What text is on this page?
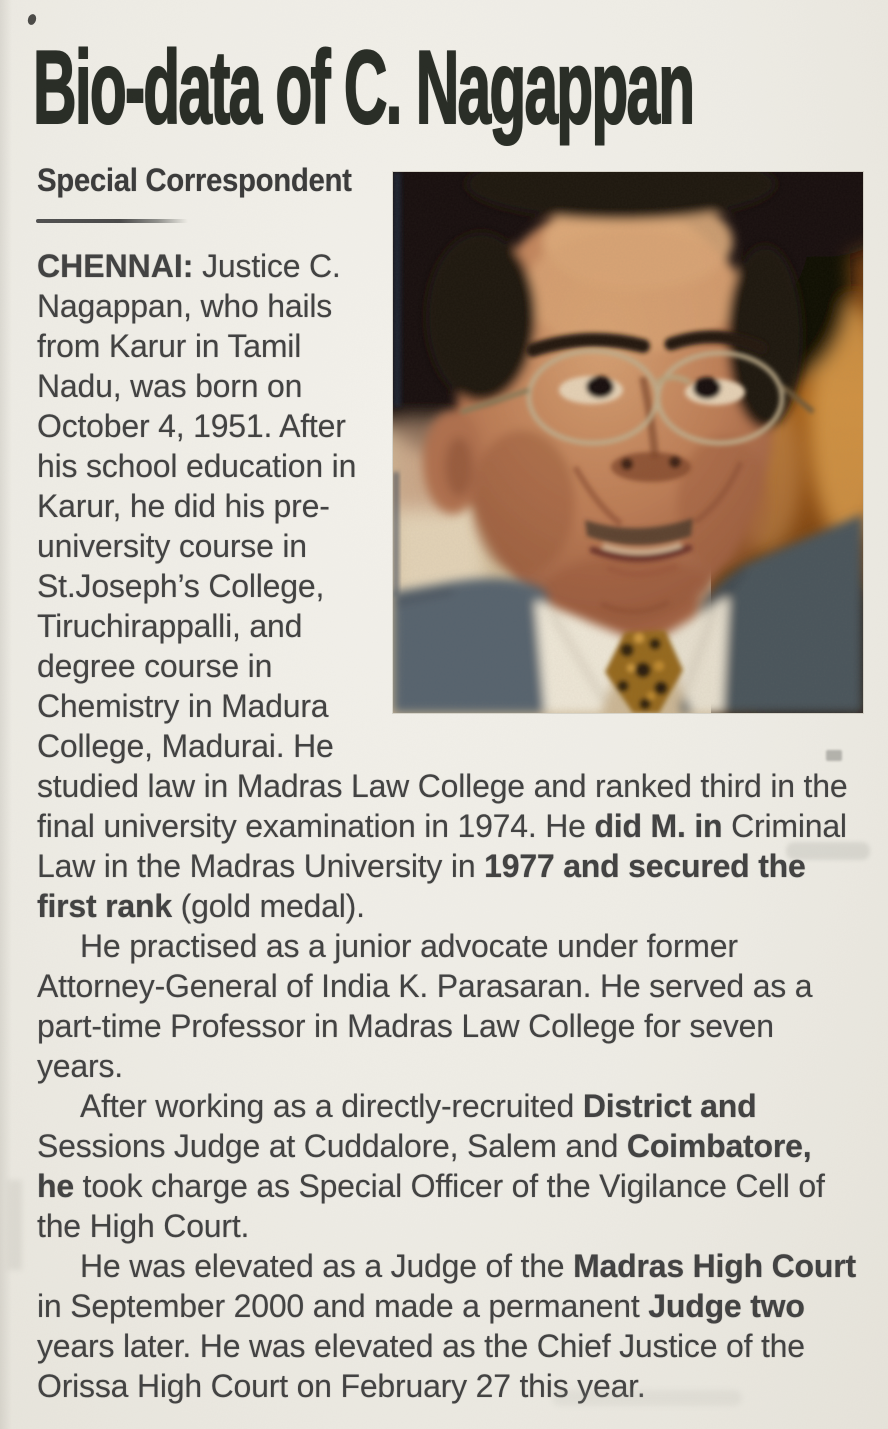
Bio-data of C. Nagappan

Special Correspondent

CHENNAI: Justice C. Nagappan, who hails from Karur in Tamil Nadu, was born on October 4, 1951. After his school education in Karur, he did his pre-university course in St.Joseph’s College, Tiruchirappalli, and degree course in Chemistry in Madura College, Madurai. He studied law in Madras Law College and ranked third in the final university examination in 1974. He did M. in Criminal Law in the Madras University in 1977 and secured the first rank (gold medal).

He practised as a junior advocate under former Attorney-General of India K. Parasaran. He served as a part-time Professor in Madras Law College for seven years.

After working as a directly-recruited District and Sessions Judge at Cuddalore, Salem and Coimbatore, he took charge as Special Officer of the Vigilance Cell of the High Court.

He was elevated as a Judge of the Madras High Court in September 2000 and made a permanent Judge two years later. He was elevated as the Chief Justice of the Orissa High Court on February 27 this year.
